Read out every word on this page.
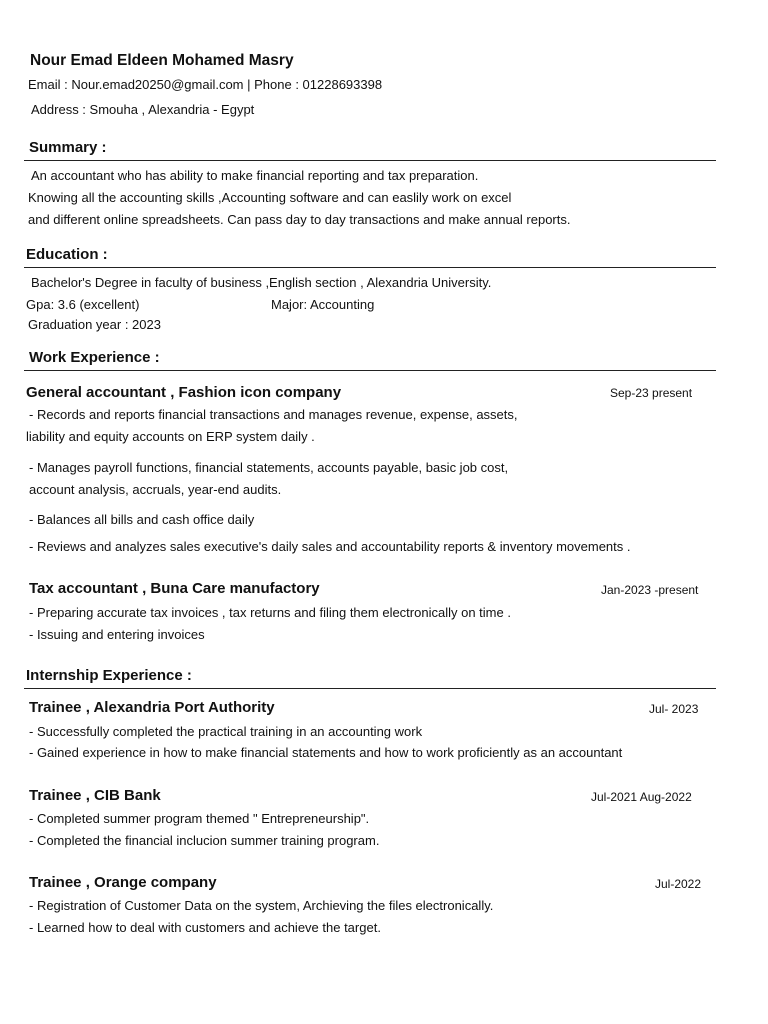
Nour Emad Eldeen Mohamed Masry
Email : Nour.emad20250@gmail.com | Phone : 01228693398
Address : Smouha , Alexandria - Egypt
Summary :
An accountant who has ability to make financial reporting and tax preparation.
Knowing all the accounting skills ,Accounting software and can easlily work on excel
and different online spreadsheets. Can pass day to day transactions and make annual reports.
Education :
Bachelor's Degree in faculty of business ,English section , Alexandria University.
Gpa: 3.6 (excellent)	Major: Accounting
Graduation year : 2023
Work Experience :
General accountant , Fashion icon company	Sep-23 present
- Records and reports financial transactions and manages revenue, expense, assets,
liability and equity accounts on ERP system daily .
- Manages payroll functions, financial statements, accounts payable, basic job cost,
account analysis, accruals, year-end audits.
- Balances all bills and cash office daily
- Reviews and analyzes sales executive's daily sales and accountability reports & inventory movements .
Tax accountant , Buna Care manufactory	Jan-2023 -present
- Preparing accurate tax invoices , tax returns and filing them electronically on time .
- Issuing and entering invoices
Internship Experience :
Trainee , Alexandria Port Authority	Jul- 2023
- Successfully completed the practical training in an accounting work
- Gained experience in how to make financial statements and how to work proficiently as an accountant
Trainee , CIB Bank	Jul-2021 Aug-2022
- Completed summer program themed " Entrepreneurship".
- Completed the financial inclucion summer training program.
Trainee , Orange company	Jul-2022
- Registration of Customer Data on the system, Archieving the files electronically.
- Learned how to deal with customers and achieve the target.
